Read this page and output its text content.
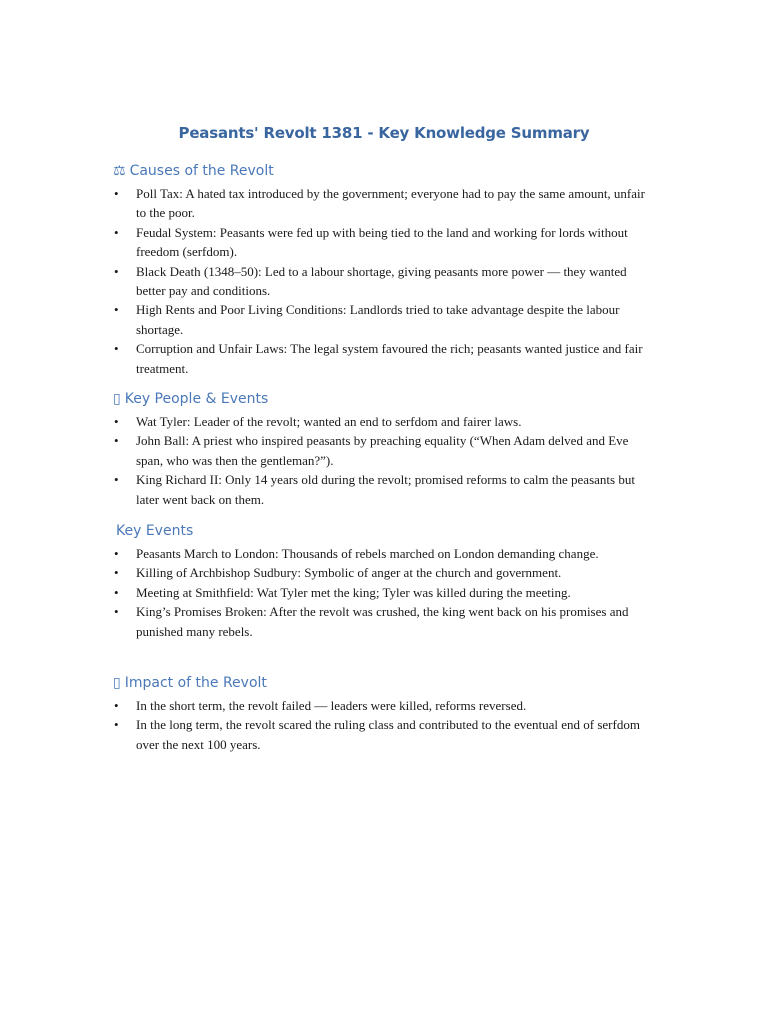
Peasants' Revolt 1381 - Key Knowledge Summary
⚖ Causes of the Revolt
• Poll Tax: A hated tax introduced by the government; everyone had to pay the same amount, unfair to the poor.
• Feudal System: Peasants were fed up with being tied to the land and working for lords without freedom (serfdom).
• Black Death (1348–50): Led to a labour shortage, giving peasants more power — they wanted better pay and conditions.
• High Rents and Poor Living Conditions: Landlords tried to take advantage despite the labour shortage.
• Corruption and Unfair Laws: The legal system favoured the rich; peasants wanted justice and fair treatment.
▯ Key People & Events
• Wat Tyler: Leader of the revolt; wanted an end to serfdom and fairer laws.
• John Ball: A priest who inspired peasants by preaching equality (“When Adam delved and Eve span, who was then the gentleman?”).
• King Richard II: Only 14 years old during the revolt; promised reforms to calm the peasants but later went back on them.
Key Events
• Peasants March to London: Thousands of rebels marched on London demanding change.
• Killing of Archbishop Sudbury: Symbolic of anger at the church and government.
• Meeting at Smithfield: Wat Tyler met the king; Tyler was killed during the meeting.
• King’s Promises Broken: After the revolt was crushed, the king went back on his promises and punished many rebels.
▯ Impact of the Revolt
• In the short term, the revolt failed — leaders were killed, reforms reversed.
• In the long term, the revolt scared the ruling class and contributed to the eventual end of serfdom over the next 100 years.
